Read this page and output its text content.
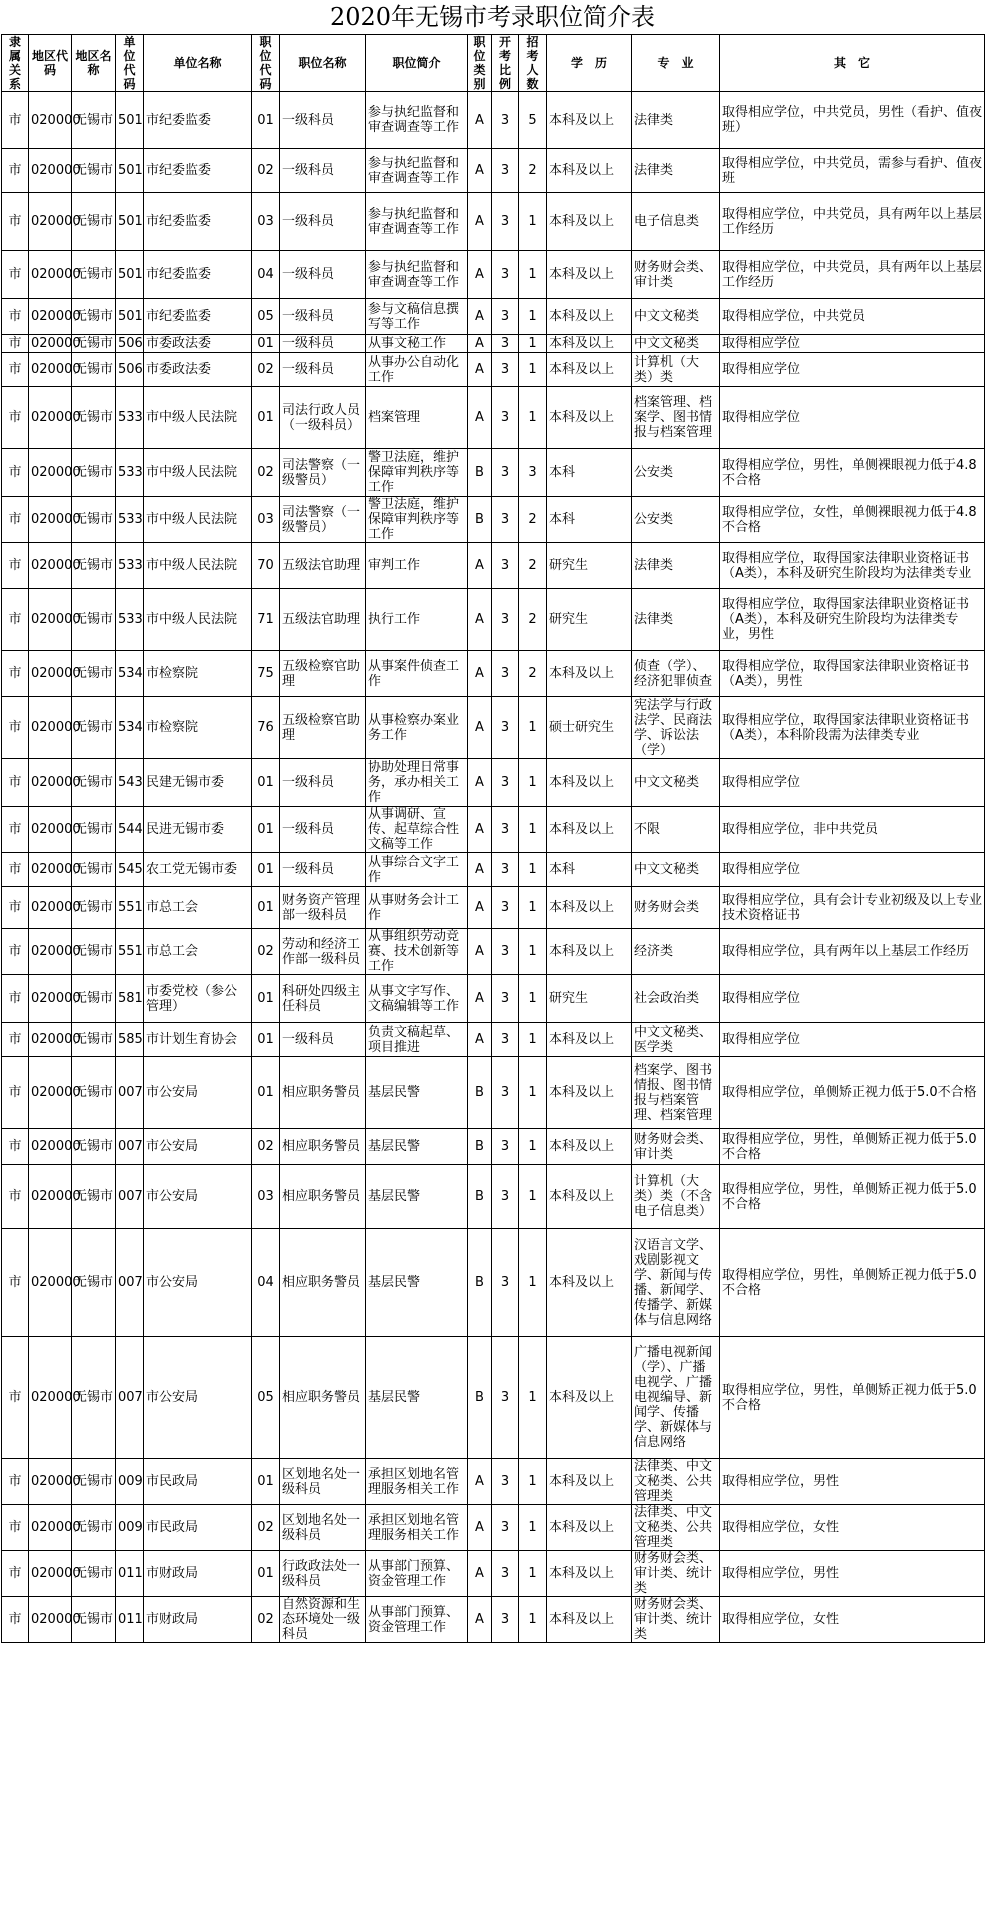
2020年无锡市考录职位简介表
隶属关系	地区代码	地区名称	单位代码	单位名称	职位代码	职位名称	职位简介	职位类别	开考比例	招考人数	学　历	专　业	其　它
市	020000	无锡市	501	市纪委监委	01	一级科员	参与执纪监督和审查调查等工作	A	3	5	本科及以上	法律类	取得相应学位，中共党员，男性（看护、值夜班）
市	020000	无锡市	501	市纪委监委	02	一级科员	参与执纪监督和审查调查等工作	A	3	2	本科及以上	法律类	取得相应学位，中共党员，需参与看护、值夜班
市	020000	无锡市	501	市纪委监委	03	一级科员	参与执纪监督和审查调查等工作	A	3	1	本科及以上	电子信息类	取得相应学位，中共党员，具有两年以上基层工作经历
市	020000	无锡市	501	市纪委监委	04	一级科员	参与执纪监督和审查调查等工作	A	3	1	本科及以上	财务财会类、审计类	取得相应学位，中共党员，具有两年以上基层工作经历
市	020000	无锡市	501	市纪委监委	05	一级科员	参与文稿信息撰写等工作	A	3	1	本科及以上	中文文秘类	取得相应学位，中共党员
市	020000	无锡市	506	市委政法委	01	一级科员	从事文秘工作	A	3	1	本科及以上	中文文秘类	取得相应学位
市	020000	无锡市	506	市委政法委	02	一级科员	从事办公自动化工作	A	3	1	本科及以上	计算机（大类）类	取得相应学位
市	020000	无锡市	533	市中级人民法院	01	司法行政人员（一级科员）	档案管理	A	3	1	本科及以上	档案管理、档案学、图书情报与档案管理	取得相应学位
市	020000	无锡市	533	市中级人民法院	02	司法警察（一级警员）	警卫法庭，维护保障审判秩序等工作	B	3	3	本科	公安类	取得相应学位，男性，单侧裸眼视力低于4.8不合格
市	020000	无锡市	533	市中级人民法院	03	司法警察（一级警员）	警卫法庭，维护保障审判秩序等工作	B	3	2	本科	公安类	取得相应学位，女性，单侧裸眼视力低于4.8不合格
市	020000	无锡市	533	市中级人民法院	70	五级法官助理	审判工作	A	3	2	研究生	法律类	取得相应学位，取得国家法律职业资格证书（A类），本科及研究生阶段均为法律类专业
市	020000	无锡市	533	市中级人民法院	71	五级法官助理	执行工作	A	3	2	研究生	法律类	取得相应学位，取得国家法律职业资格证书（A类），本科及研究生阶段均为法律类专业，男性
市	020000	无锡市	534	市检察院	75	五级检察官助理	从事案件侦查工作	A	3	2	本科及以上	侦查（学）、经济犯罪侦查	取得相应学位，取得国家法律职业资格证书（A类），男性
市	020000	无锡市	534	市检察院	76	五级检察官助理	从事检察办案业务工作	A	3	1	硕士研究生	宪法学与行政法学、民商法学、诉讼法（学）	取得相应学位，取得国家法律职业资格证书（A类），本科阶段需为法律类专业
市	020000	无锡市	543	民建无锡市委	01	一级科员	协助处理日常事务，承办相关工作	A	3	1	本科及以上	中文文秘类	取得相应学位
市	020000	无锡市	544	民进无锡市委	01	一级科员	从事调研、宣传、起草综合性文稿等工作	A	3	1	本科及以上	不限	取得相应学位，非中共党员
市	020000	无锡市	545	农工党无锡市委	01	一级科员	从事综合文字工作	A	3	1	本科	中文文秘类	取得相应学位
市	020000	无锡市	551	市总工会	01	财务资产管理部一级科员	从事财务会计工作	A	3	1	本科及以上	财务财会类	取得相应学位，具有会计专业初级及以上专业技术资格证书
市	020000	无锡市	551	市总工会	02	劳动和经济工作部一级科员	从事组织劳动竞赛、技术创新等工作	A	3	1	本科及以上	经济类	取得相应学位，具有两年以上基层工作经历
市	020000	无锡市	581	市委党校（参公管理）	01	科研处四级主任科员	从事文字写作、文稿编辑等工作	A	3	1	研究生	社会政治类	取得相应学位
市	020000	无锡市	585	市计划生育协会	01	一级科员	负责文稿起草、项目推进	A	3	1	本科及以上	中文文秘类、医学类	取得相应学位
市	020000	无锡市	007	市公安局	01	相应职务警员	基层民警	B	3	1	本科及以上	档案学、图书情报、图书情报与档案管理、档案管理	取得相应学位，单侧矫正视力低于5.0不合格
市	020000	无锡市	007	市公安局	02	相应职务警员	基层民警	B	3	1	本科及以上	财务财会类、审计类	取得相应学位，男性，单侧矫正视力低于5.0不合格
市	020000	无锡市	007	市公安局	03	相应职务警员	基层民警	B	3	1	本科及以上	计算机（大类）类（不含电子信息类）	取得相应学位，男性，单侧矫正视力低于5.0不合格
市	020000	无锡市	007	市公安局	04	相应职务警员	基层民警	B	3	1	本科及以上	汉语言文学、戏剧影视文学、新闻与传播、新闻学、传播学、新媒体与信息网络	取得相应学位，男性，单侧矫正视力低于5.0不合格
市	020000	无锡市	007	市公安局	05	相应职务警员	基层民警	B	3	1	本科及以上	广播电视新闻（学）、广播电视学、广播电视编导、新闻学、传播学、新媒体与信息网络	取得相应学位，男性，单侧矫正视力低于5.0不合格
市	020000	无锡市	009	市民政局	01	区划地名处一级科员	承担区划地名管理服务相关工作	A	3	1	本科及以上	法律类、中文文秘类、公共管理类	取得相应学位，男性
市	020000	无锡市	009	市民政局	02	区划地名处一级科员	承担区划地名管理服务相关工作	A	3	1	本科及以上	法律类、中文文秘类、公共管理类	取得相应学位，女性
市	020000	无锡市	011	市财政局	01	行政政法处一级科员	从事部门预算、资金管理工作	A	3	1	本科及以上	财务财会类、审计类、统计类	取得相应学位，男性
市	020000	无锡市	011	市财政局	02	自然资源和生态环境处一级科员	从事部门预算、资金管理工作	A	3	1	本科及以上	财务财会类、审计类、统计类	取得相应学位，女性
